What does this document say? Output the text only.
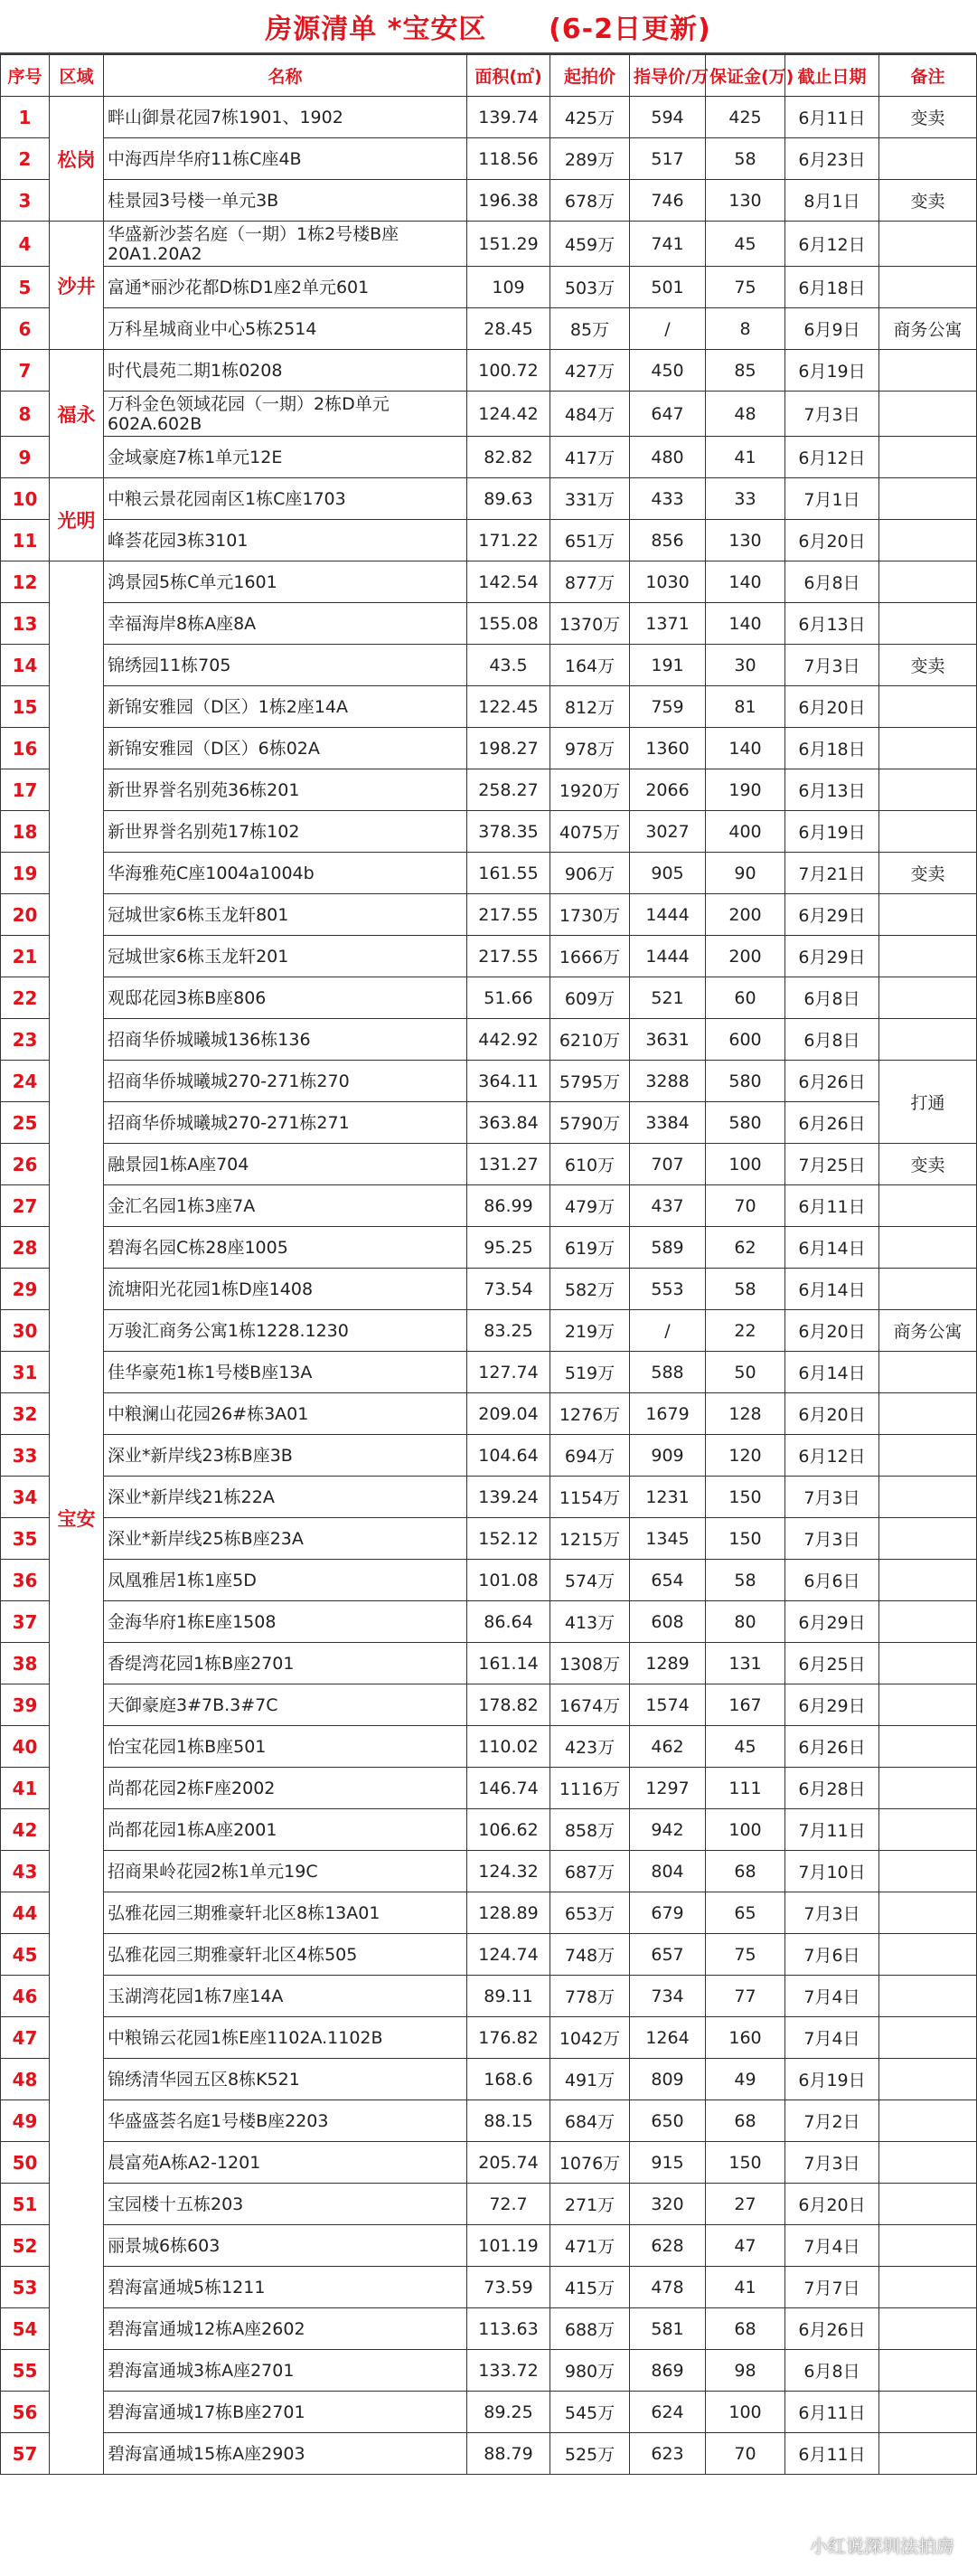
房源清单 *宝安区      (6-2日更新)
序号	区域	名称	面积(㎡)	起拍价	指导价/万	保证金(万)	截止日期	备注
1	松岗	畔山御景花园7栋1901、1902	139.74	425万	594	425	6月11日	变卖
2		中海西岸华府11栋C座4B	118.56	289万	517	58	6月23日	
3		桂景园3号楼一单元3B	196.38	678万	746	130	8月1日	变卖
4	沙井	华盛新沙荟名庭（一期）1栋2号楼B座20A1.20A2	151.29	459万	741	45	6月12日	
5		富通*丽沙花都D栋D1座2单元601	109	503万	501	75	6月18日	
6		万科星城商业中心5栋2514	28.45	85万	/	8	6月9日	商务公寓
7	福永	时代晨苑二期1栋0208	100.72	427万	450	85	6月19日	
8		万科金色领域花园（一期）2栋D单元602A.602B	124.42	484万	647	48	7月3日	
9		金域豪庭7栋1单元12E	82.82	417万	480	41	6月12日	
10	光明	中粮云景花园南区1栋C座1703	89.63	331万	433	33	7月1日	
11		峰荟花园3栋3101	171.22	651万	856	130	6月20日	
12	宝安	鸿景园5栋C单元1601	142.54	877万	1030	140	6月8日	
13		幸福海岸8栋A座8A	155.08	1370万	1371	140	6月13日	
14		锦绣园11栋705	43.5	164万	191	30	7月3日	变卖
15		新锦安雅园（D区）1栋2座14A	122.45	812万	759	81	6月20日	
16		新锦安雅园（D区）6栋02A	198.27	978万	1360	140	6月18日	
17		新世界誉名别苑36栋201	258.27	1920万	2066	190	6月13日	
18		新世界誉名别苑17栋102	378.35	4075万	3027	400	6月19日	
19		华海雅苑C座1004a1004b	161.55	906万	905	90	7月21日	变卖
20		冠城世家6栋玉龙轩801	217.55	1730万	1444	200	6月29日	
21		冠城世家6栋玉龙轩201	217.55	1666万	1444	200	6月29日	
22		观邸花园3栋B座806	51.66	609万	521	60	6月8日	
23		招商华侨城曦城136栋136	442.92	6210万	3631	600	6月8日	
24		招商华侨城曦城270-271栋270	364.11	5795万	3288	580	6月26日	打通
25		招商华侨城曦城270-271栋271	363.84	5790万	3384	580	6月26日	
26		融景园1栋A座704	131.27	610万	707	100	7月25日	变卖
27		金汇名园1栋3座7A	86.99	479万	437	70	6月11日	
28		碧海名园C栋28座1005	95.25	619万	589	62	6月14日	
29		流塘阳光花园1栋D座1408	73.54	582万	553	58	6月14日	
30		万骏汇商务公寓1栋1228.1230	83.25	219万	/	22	6月20日	商务公寓
31		佳华豪苑1栋1号楼B座13A	127.74	519万	588	50	6月14日	
32		中粮澜山花园26#栋3A01	209.04	1276万	1679	128	6月20日	
33		深业*新岸线23栋B座3B	104.64	694万	909	120	6月12日	
34		深业*新岸线21栋22A	139.24	1154万	1231	150	7月3日	
35		深业*新岸线25栋B座23A	152.12	1215万	1345	150	7月3日	
36		凤凰雅居1栋1座5D	101.08	574万	654	58	6月6日	
37		金海华府1栋E座1508	86.64	413万	608	80	6月29日	
38		香缇湾花园1栋B座2701	161.14	1308万	1289	131	6月25日	
39		天御豪庭3#7B.3#7C	178.82	1674万	1574	167	6月29日	
40		怡宝花园1栋B座501	110.02	423万	462	45	6月26日	
41		尚都花园2栋F座2002	146.74	1116万	1297	111	6月28日	
42		尚都花园1栋A座2001	106.62	858万	942	100	7月11日	
43		招商果岭花园2栋1单元19C	124.32	687万	804	68	7月10日	
44		弘雅花园三期雅豪轩北区8栋13A01	128.89	653万	679	65	7月3日	
45		弘雅花园三期雅豪轩北区4栋505	124.74	748万	657	75	7月6日	
46		玉湖湾花园1栋7座14A	89.11	778万	734	77	7月4日	
47		中粮锦云花园1栋E座1102A.1102B	176.82	1042万	1264	160	7月4日	
48		锦绣清华园五区8栋K521	168.6	491万	809	49	6月19日	
49		华盛盛荟名庭1号楼B座2203	88.15	684万	650	68	7月2日	
50		晨富苑A栋A2-1201	205.74	1076万	915	150	7月3日	
51		宝园楼十五栋203	72.7	271万	320	27	6月20日	
52		丽景城6栋603	101.19	471万	628	47	7月4日	
53		碧海富通城5栋1211	73.59	415万	478	41	7月7日	
54		碧海富通城12栋A座2602	113.63	688万	581	68	6月26日	
55		碧海富通城3栋A座2701	133.72	980万	869	98	6月8日	
56		碧海富通城17栋B座2701	89.25	545万	624	100	6月11日	
57		碧海富通城15栋A座2903	88.79	525万	623	70	6月11日	
小红说深圳法拍房
